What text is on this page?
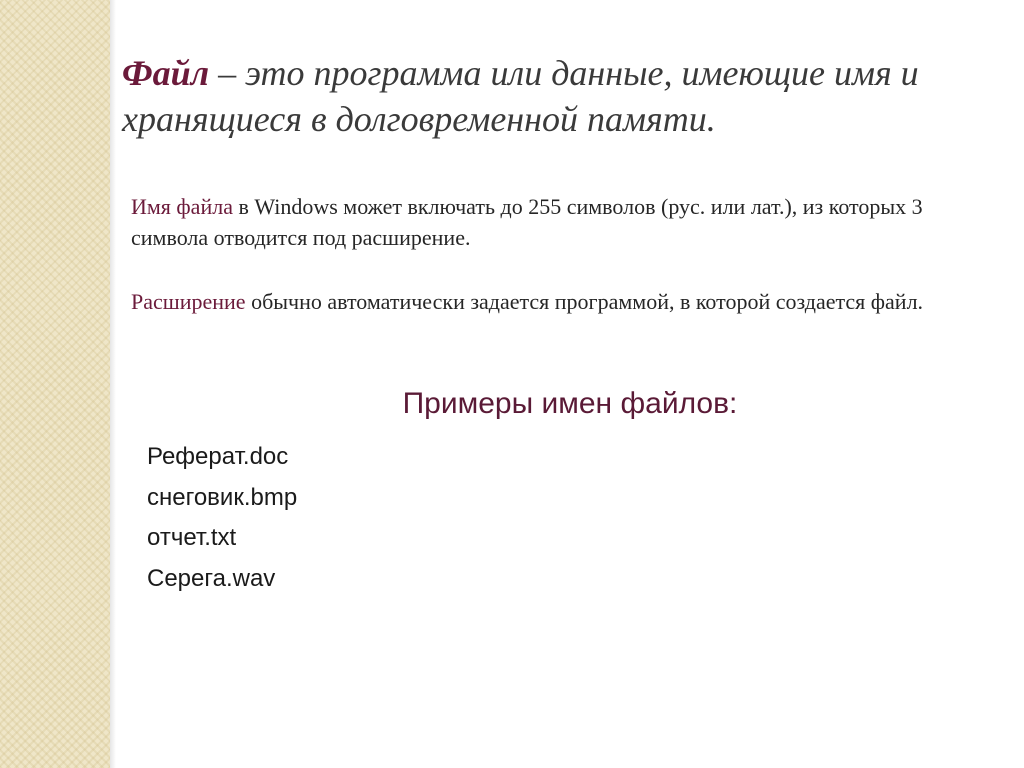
Файл – это программа или данные, имеющие имя и хранящиеся в долговременной памяти.

Имя файла в Windows может включать до 255 символов (рус. или лат.), из которых 3 символа отводится под расширение.

Расширение обычно автоматически задается программой, в которой создается файл.

Примеры имен файлов:
Реферат.doc
снеговик.bmp
отчет.txt
Серега.wav
